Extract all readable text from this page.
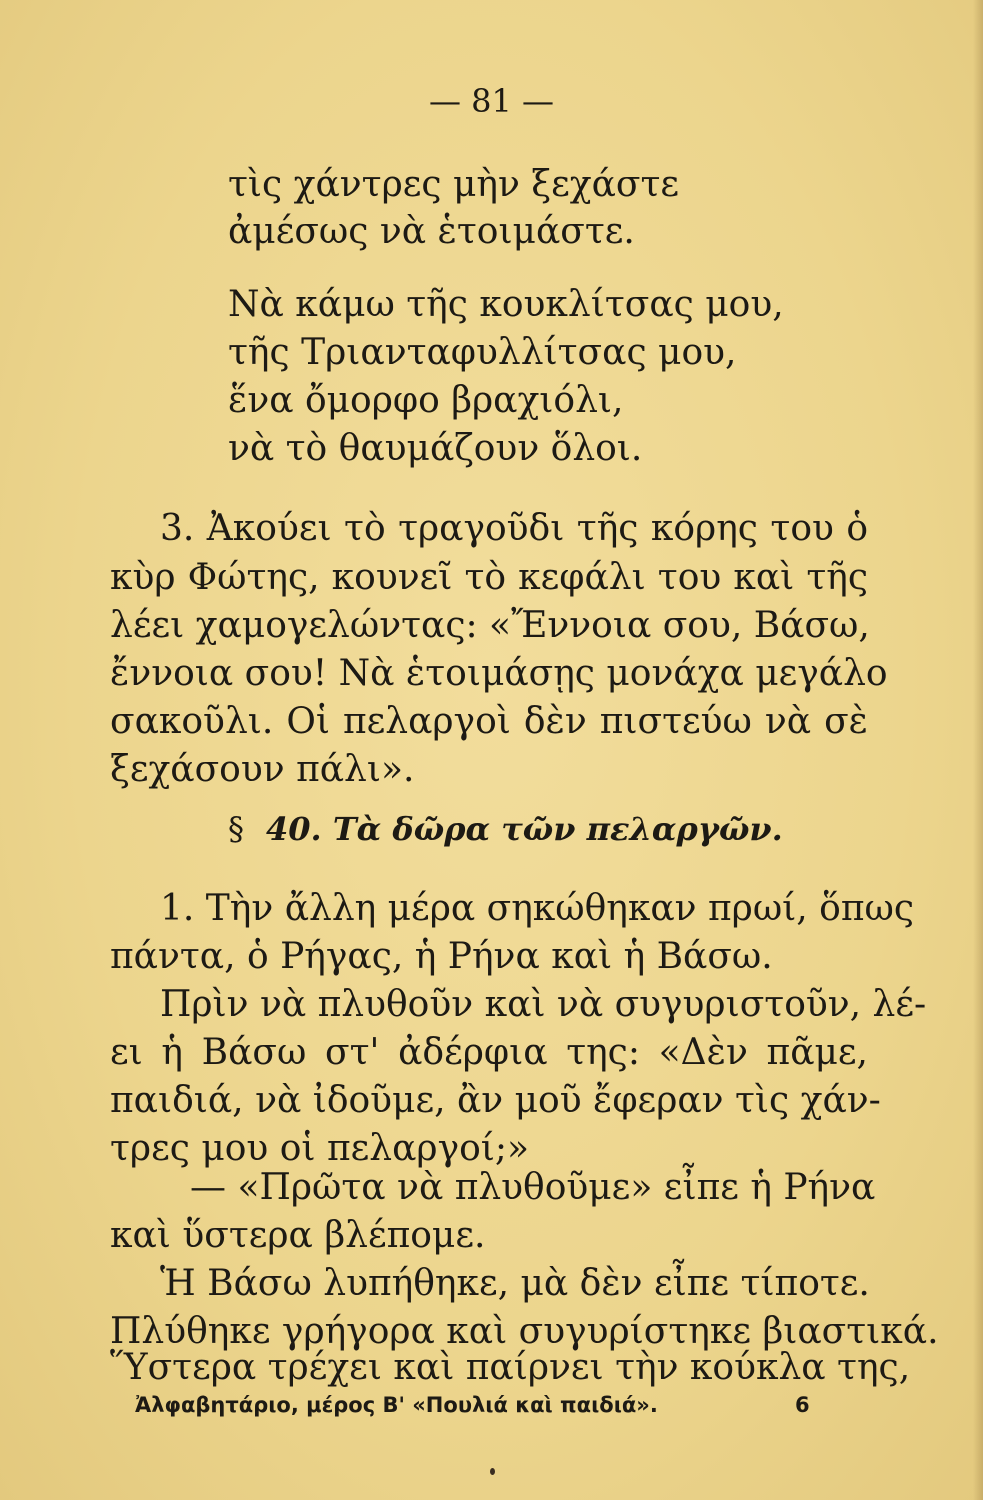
— 81 —
τὶς χάντρες μὴν ξεχάστε
ἀμέσως νὰ ἑτοιμάστε.
Νὰ κάμω τῆς κουκλίτσας μου,
τῆς Τριανταφυλλίτσας μου,
ἕνα ὄμορφο βραχιόλι,
νὰ τὸ θαυμάζουν ὅλοι.
3. Ἀκούει τὸ τραγοῦδι τῆς κόρης του ὁ
κὺρ Φώτης, κουνεῖ τὸ κεφάλι του καὶ τῆς
λέει χαμογελώντας: «Ἔννοια σου, Βάσω,
ἔννοια σου! Νὰ ἑτοιμάσῃς μονάχα μεγάλο
σακοῦλι. Οἱ πελαργοὶ δὲν πιστεύω νὰ σὲ
ξεχάσουν πάλι».
§ 40. Τὰ δῶρα τῶν πελαργῶν.
1. Τὴν ἄλλη μέρα σηκώθηκαν πρωί, ὅπως
πάντα, ὁ Ρήγας, ἡ Ρήνα καὶ ἡ Βάσω.
Πρὶν νὰ πλυθοῦν καὶ νὰ συγυριστοῦν, λέ-
ει ἡ Βάσω στ' ἀδέρφια της: «Δὲν πᾶμε,
παιδιά, νὰ ἰδοῦμε, ἂν μοῦ ἔφεραν τὶς χάν-
τρες μου οἱ πελαργοί;»
— «Πρῶτα νὰ πλυθοῦμε» εἶπε ἡ Ρήνα
καὶ ὕστερα βλέπομε.
Ἡ Βάσω λυπήθηκε, μὰ δὲν εἶπε τίποτε.
Πλύθηκε γρήγορα καὶ συγυρίστηκε βιαστικά.
Ὕστερα τρέχει καὶ παίρνει τὴν κούκλα της,
Ἀλφαβητάριο, μέρος Β' «Πουλιά καὶ παιδιά».	6
